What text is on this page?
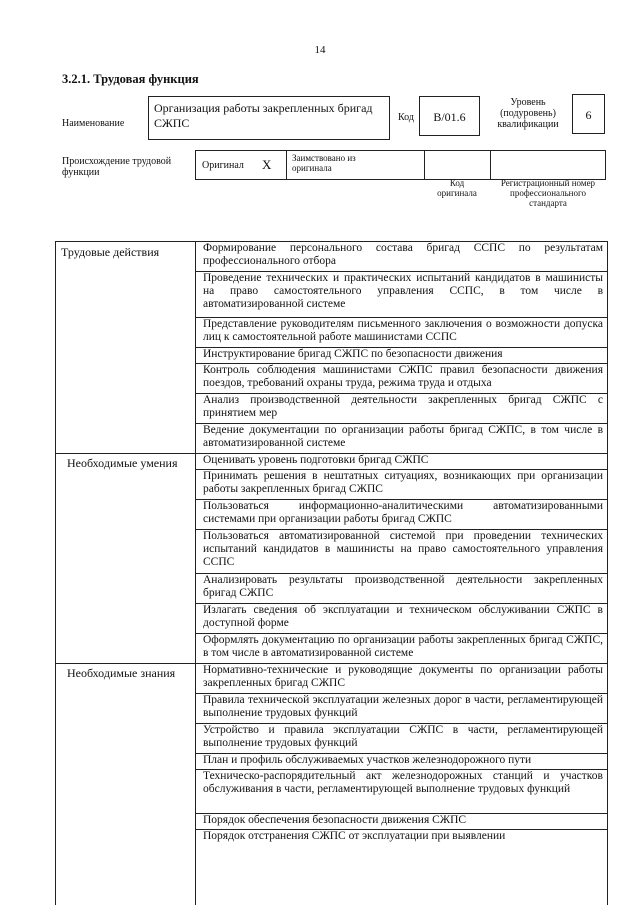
14
3.2.1. Трудовая функция
Наименование
Организация работы закрепленных бригад СЖПС	Код	B/01.6
Уровень (подуровень) квалификации
6
Происхождение трудовой функции
Оригинал X Заимствовано из оригинала
Код оригинала
Регистрационный номер профессионального стандарта
Трудовые действия
Необходимые умения
Необходимые знания
Формирование персонального состава бригад ССПС по результатам профессионального отбора
Проведение технических и практических испытаний кандидатов в машинисты на право самостоятельного управления ССПС, в том числе в автоматизированной системе
Представление руководителям письменного заключения о возможности допуска лиц к самостоятельной работе машинистами ССПС
Инструктирование бригад СЖПС по безопасности движения
Контроль соблюдения машинистами СЖПС правил безопасности движения поездов, требований охраны труда, режима труда и отдыха
Анализ производственной деятельности закрепленных бригад СЖПС с принятием мер
Ведение документации по организации работы бригад СЖПС, в том числе в автоматизированной системе
Оценивать уровень подготовки бригад СЖПС
Принимать решения в нештатных ситуациях, возникающих при организации работы закрепленных бригад СЖПС
Пользоваться информационно-аналитическими автоматизированными системами при организации работы бригад СЖПС
Пользоваться автоматизированной системой при проведении технических испытаний кандидатов в машинисты на право самостоятельного управления ССПС
Анализировать результаты производственной деятельности закрепленных бригад СЖПС
Излагать сведения об эксплуатации и техническом обслуживании СЖПС в доступной форме
Оформлять документацию по организации работы закрепленных бригад СЖПС, в том числе в автоматизированной системе
Нормативно-технические и руководящие документы по организации работы закрепленных бригад СЖПС
Правила технической эксплуатации железных дорог в части, регламентирующей выполнение трудовых функций
Устройство и правила эксплуатации СЖПС в части, регламентирующей выполнение трудовых функций
План и профиль обслуживаемых участков железнодорожного пути
Техническо-распорядительный акт железнодорожных станций и участков обслуживания в части, регламентирующей выполнение трудовых функций
Порядок обеспечения безопасности движения СЖПС
Порядок отстранения СЖПС от эксплуатации при выявлении
